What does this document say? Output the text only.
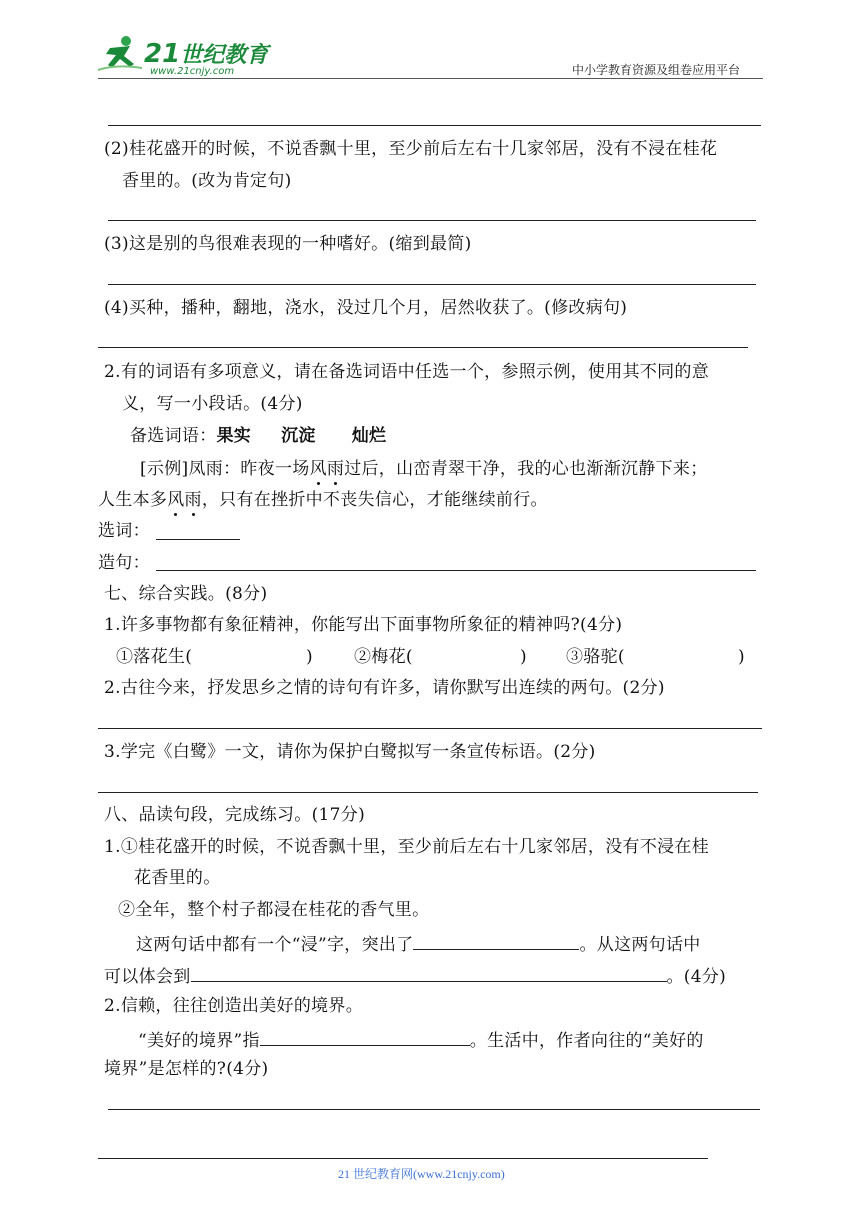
21世纪教育
www.21cnjy.com	中小学教育资源及组卷应用平台
(2)桂花盛开的时候，不说香飘十里，至少前后左右十几家邻居，没有不浸在桂花
香里的。(改为肯定句)
(3)这是别的鸟很难表现的一种嗜好。(缩到最简)
(4)买种，播种，翻地，浇水，没过几个月，居然收获了。(修改病句)
2.有的词语有多项意义，请在备选词语中任选一个，参照示例，使用其不同的意
义，写一小段话。(4分)
备选词语：果实 沉淀 灿烂
[示例]凤雨：昨夜一场风雨过后，山峦青翠干净，我的心也渐渐沉静下来；
人生本多风雨，只有在挫折中不丧失信心，才能继续前行。
选词：
造句：
七、综合实践。(8分)
1.许多事物都有象征精神，你能写出下面事物所象征的精神吗?(4分)
①落花生(	) ②梅花(	) ③骆驼(	)
2.古往今来，抒发思乡之情的诗句有许多，请你默写出连续的两句。(2分)
3.学完《白鹭》一文，请你为保护白鹭拟写一条宣传标语。(2分)
八、品读句段，完成练习。(17分)
1.①桂花盛开的时候，不说香飘十里，至少前后左右十几家邻居，没有不浸在桂
花香里的。
②全年，整个村子都浸在桂花的香气里。
这两句话中都有一个“浸”字，突出了	。从这两句话中
可以体会到	。(4分)
2.信赖，往往创造出美好的境界。
“美好的境界”指	。生活中，作者向往的“美好的
境界”是怎样的?(4分)
21 世纪教育网(www.21cnjy.com)
